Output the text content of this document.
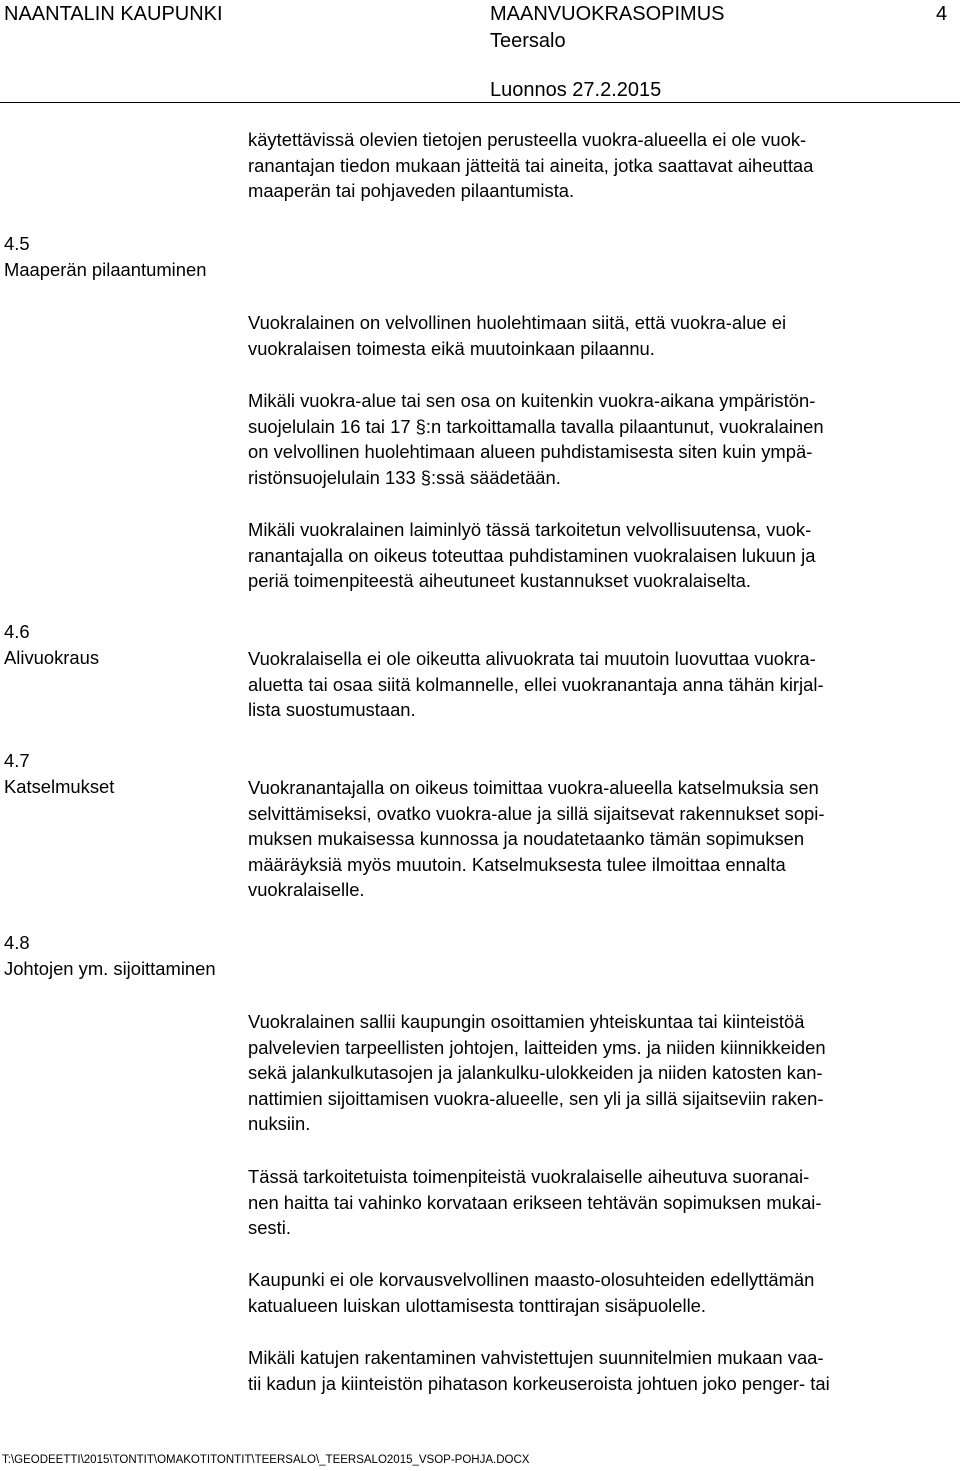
NAANTALIN KAUPUNKI	MAANVUOKRASOPIMUS	4
Teersalo
Luonnos 27.2.2015
4.5
Maaperän pilaantuminen
4.6
Alivuokraus
4.7
Katselmukset
4.8
Johtojen ym. sijoittaminen
käytettävissä olevien tietojen perusteella vuokra-alueella ei ole vuok-
ranantajan tiedon mukaan jätteitä tai aineita, jotka saattavat aiheuttaa
maaperän tai pohjaveden pilaantumista.
Vuokralainen on velvollinen huolehtimaan siitä, että vuokra-alue ei
vuokralaisen toimesta eikä muutoinkaan pilaannu.
Mikäli vuokra-alue tai sen osa on kuitenkin vuokra-aikana ympäristön-
suojelulain 16 tai 17 §:n tarkoittamalla tavalla pilaantunut, vuokralainen
on velvollinen huolehtimaan alueen puhdistamisesta siten kuin ympä-
ristönsuojelulain 133 §:ssä säädetään.
Mikäli vuokralainen laiminlyö tässä tarkoitetun velvollisuutensa, vuok-
ranantajalla on oikeus toteuttaa puhdistaminen vuokralaisen lukuun ja
periä toimenpiteestä aiheutuneet kustannukset vuokralaiselta.
Vuokralaisella ei ole oikeutta alivuokrata tai muutoin luovuttaa vuokra-
aluetta tai osaa siitä kolmannelle, ellei vuokranantaja anna tähän kirjal-
lista suostumustaan.
Vuokranantajalla on oikeus toimittaa vuokra-alueella katselmuksia sen
selvittämiseksi, ovatko vuokra-alue ja sillä sijaitsevat rakennukset sopi-
muksen mukaisessa kunnossa ja noudatetaanko tämän sopimuksen
määräyksiä myös muutoin. Katselmuksesta tulee ilmoittaa ennalta
vuokralaiselle.
Vuokralainen sallii kaupungin osoittamien yhteiskuntaa tai kiinteistöä
palvelevien tarpeellisten johtojen, laitteiden yms. ja niiden kiinnikkeiden
sekä jalankulkutasojen ja jalankulku-ulokkeiden ja niiden katosten kan-
nattimien sijoittamisen vuokra-alueelle, sen yli ja sillä sijaitseviin raken-
nuksiin.
Tässä tarkoitetuista toimenpiteistä vuokralaiselle aiheutuva suoranai-
nen haitta tai vahinko korvataan erikseen tehtävän sopimuksen mukai-
sesti.
Kaupunki ei ole korvausvelvollinen maasto-olosuhteiden edellyttämän
katualueen luiskan ulottamisesta tonttirajan sisäpuolelle.
Mikäli katujen rakentaminen vahvistettujen suunnitelmien mukaan vaa-
tii kadun ja kiinteistön pihatason korkeuseroista johtuen joko penger- tai
T:\GEODEETTI\2015\TONTIT\OMAKOTITONTIT\TEERSALO\_TEERSALO2015_VSOP-POHJA.DOCX
